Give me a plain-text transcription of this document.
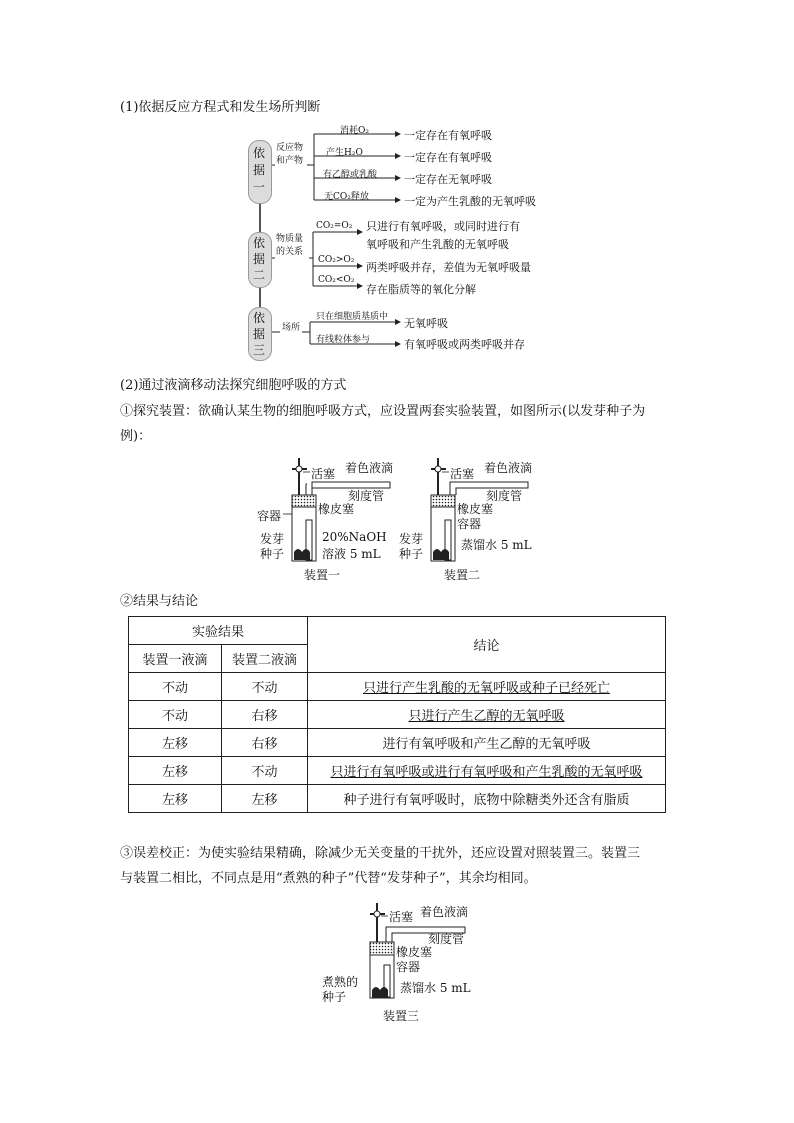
(1)依据反应方程式和发生场所判断
依据一
依据二
依据三
反应物和产物
消耗O₂	一定存在有氧呼吸
产生H₂O	一定存在有氧呼吸
有乙醇或乳酸 一定存在无氧呼吸
无CO₂释放	一定为产生乳酸的无氧呼吸
物质量的关系
CO₂=O₂ 只进行有氧呼吸，或同时进行有
氧呼吸和产生乳酸的无氧呼吸
CO₂>O₂
两类呼吸并存，差值为无氧呼吸量
CO₂<O₂
存在脂质等的氧化分解
场所
只在细胞质基质中 无氧呼吸
有线粒体参与	有氧呼吸或两类呼吸并存
(2)通过液滴移动法探究细胞呼吸的方式
①探究装置：欲确认某生物的细胞呼吸方式，应设置两套实验装置，如图所示(以发芽种子为
例)：
活塞 着色液滴
刻度管
容器	橡皮塞
发芽
种子
20%NaOH
溶液 5 mL
装置一
活塞 着色液滴
刻度管
橡皮塞
容器
发芽
种子
蒸馏水 5 mL
装置二
②结果与结论
实验结果		结论
装置一液滴	装置二液滴	
不动	不动	只进行产生乳酸的无氧呼吸或种子已经死亡
不动	右移	只进行产生乙醇的无氧呼吸
左移	右移	进行有氧呼吸和产生乙醇的无氧呼吸
左移	不动	只进行有氧呼吸或进行有氧呼吸和产生乳酸的无氧呼吸
左移	左移	种子进行有氧呼吸时，底物中除糖类外还含有脂质
③误差校正：为使实验结果精确，除减少无关变量的干扰外，还应设置对照装置三。装置三
与装置二相比，不同点是用“煮熟的种子”代替“发芽种子”，其余均相同。
活塞 着色液滴
刻度管
橡皮塞
容器
煮熟的
种子
蒸馏水 5 mL
装置三
